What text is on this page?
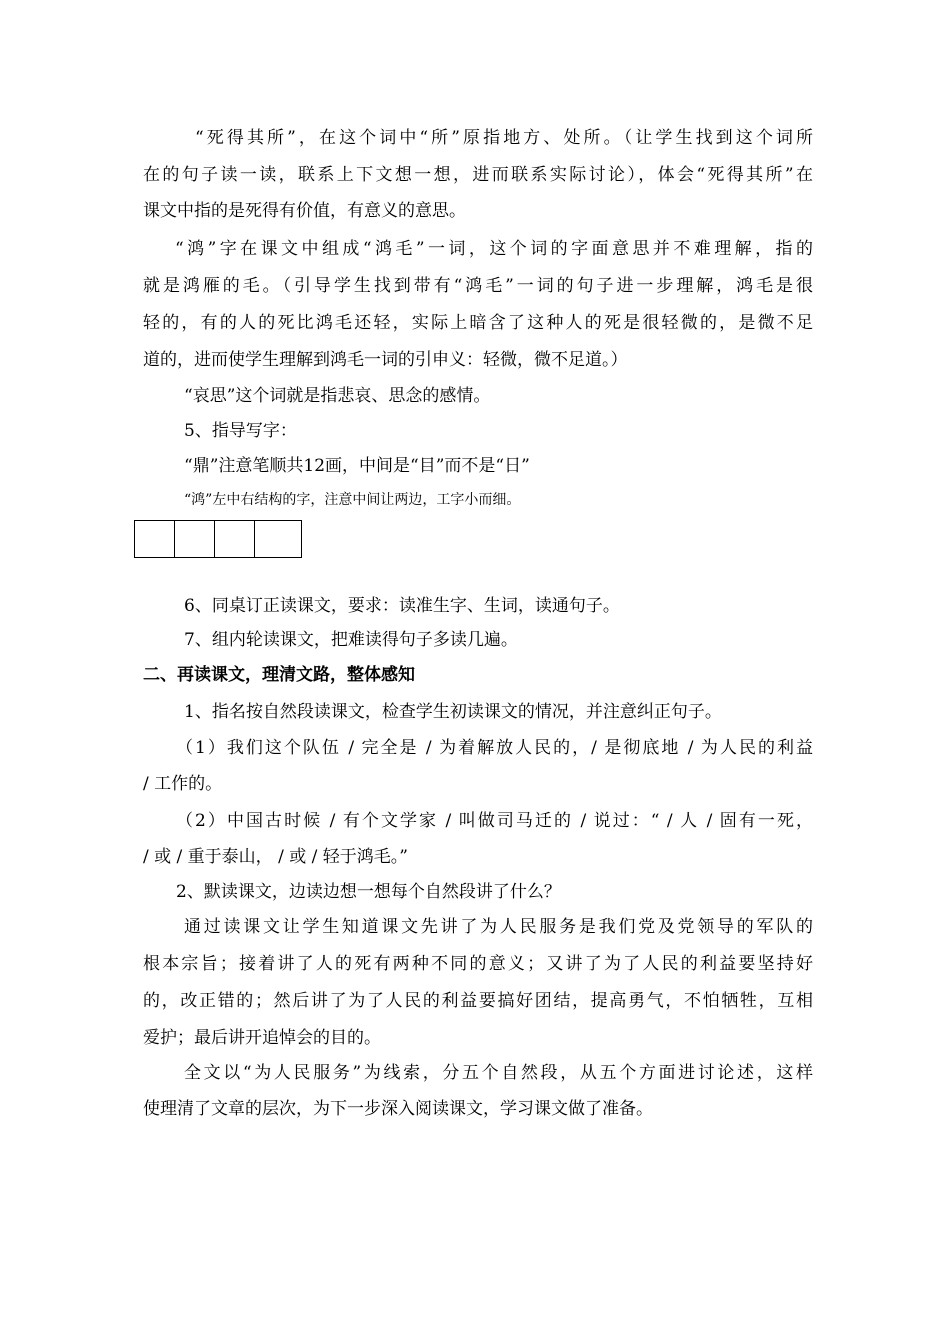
“死得其所”，在这个词中“所”原指地方、处所。（让学生找到这个词所
在的句子读一读，联系上下文想一想，进而联系实际讨论），体会“死得其所”在
课文中指的是死得有价值，有意义的意思。
“鸿”字在课文中组成“鸿毛”一词，这个词的字面意思并不难理解，指的
就是鸿雁的毛。（引导学生找到带有“鸿毛”一词的句子进一步理解，鸿毛是很
轻的，有的人的死比鸿毛还轻，实际上暗含了这种人的死是很轻微的，是微不足
道的，进而使学生理解到鸿毛一词的引申义：轻微，微不足道。）
“哀思”这个词就是指悲哀、思念的感情。
5、指导写字：
“鼎”注意笔顺共12画，中间是“目”而不是“日”
“鸿”左中右结构的字，注意中间让两边，工字小而细。
6、同桌订正读课文，要求：读准生字、生词，读通句子。
7、组内轮读课文，把难读得句子多读几遍。
二、再读课文，理清文路，整体感知
1、指名按自然段读课文，检查学生初读课文的情况，并注意纠正句子。
（1）我们这个队伍 / 完全是 / 为着解放人民的，/ 是彻底地 / 为人民的利益
/ 工作的。
（2）中国古时候 / 有个文学家 / 叫做司马迁的 / 说过：“ / 人 / 固有一死，
/ 或 / 重于泰山， / 或 / 轻于鸿毛。”
2、默读课文，边读边想一想每个自然段讲了什么？
通过读课文让学生知道课文先讲了为人民服务是我们党及党领导的军队的
根本宗旨；接着讲了人的死有两种不同的意义；又讲了为了人民的利益要坚持好
的，改正错的；然后讲了为了人民的利益要搞好团结，提高勇气，不怕牺牲，互相
爱护；最后讲开追悼会的目的。
全文以“为人民服务”为线索，分五个自然段，从五个方面进讨论述，这样
使理清了文章的层次，为下一步深入阅读课文，学习课文做了准备。
